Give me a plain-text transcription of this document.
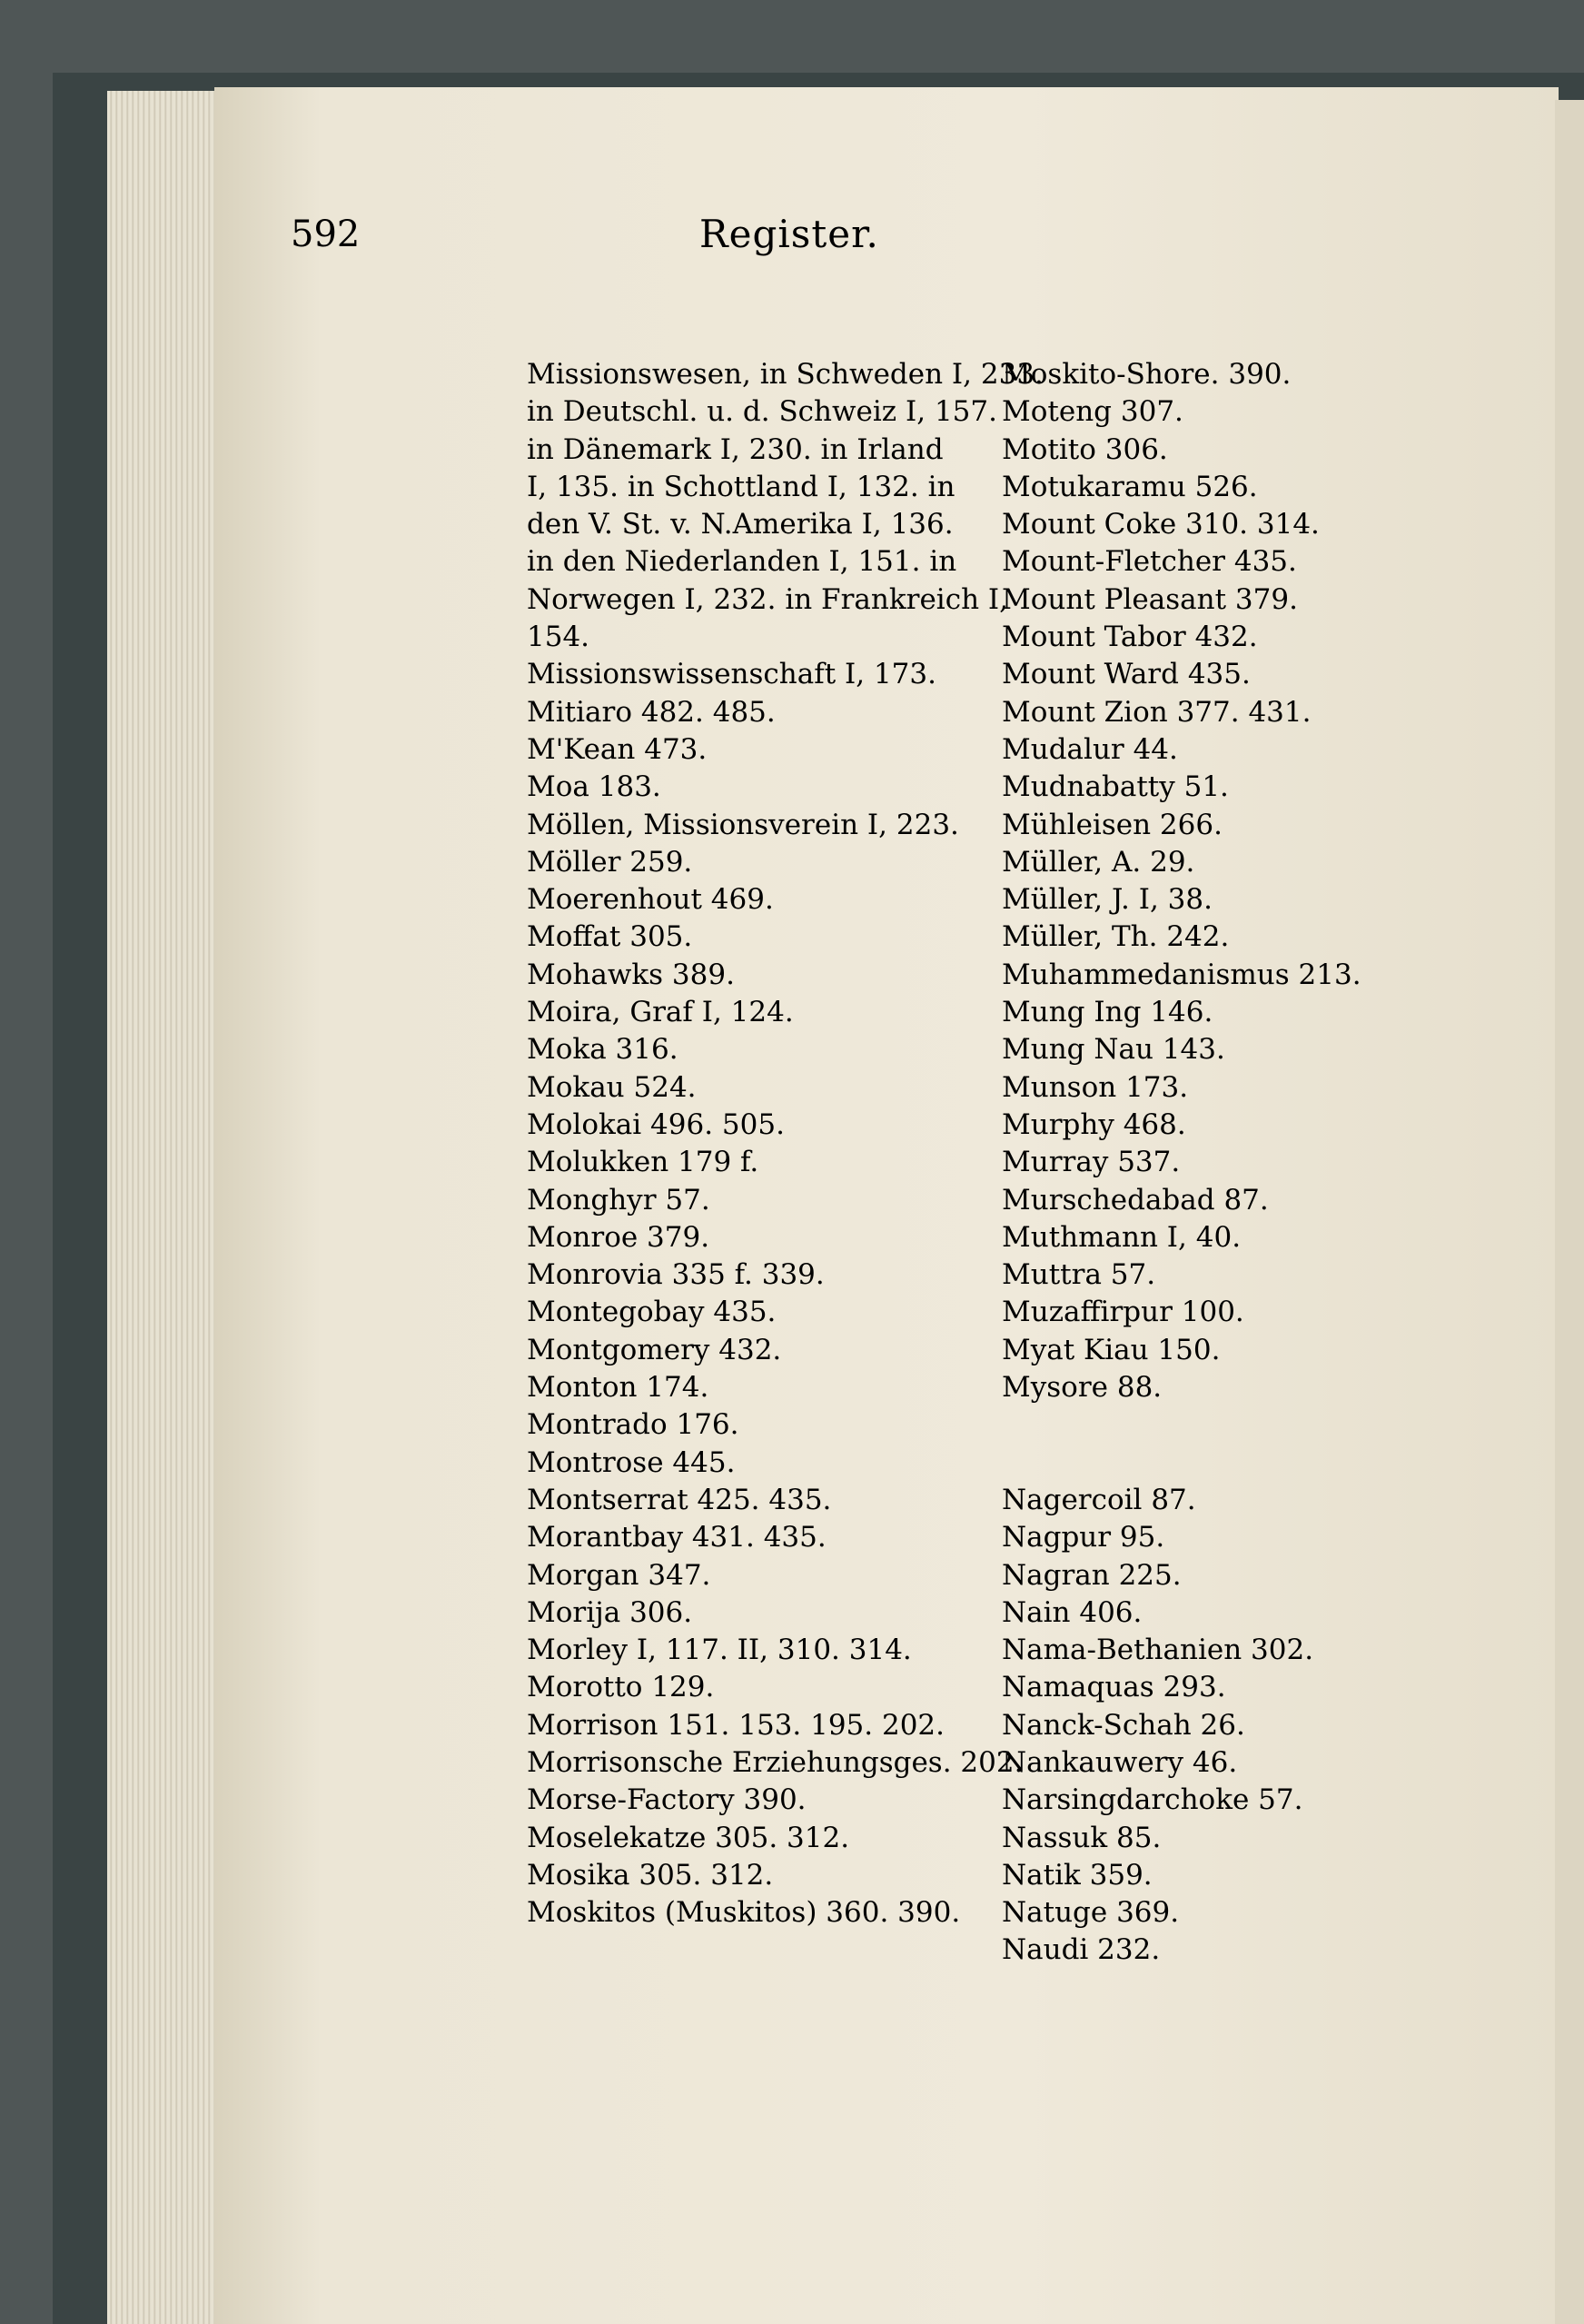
592	Register.
Missionswesen, in Schweden I, 233.
in Deutschl. u. d. Schweiz I, 157.
in Dänemark I, 230. in Irland
I, 135. in Schottland I, 132. in
den V. St. v. N.Amerika I, 136.
in den Niederlanden I, 151. in
Norwegen I, 232. in Frankreich I,
154.
Missionswissenschaft I, 173.
Mitiaro 482. 485.
M'Kean 473.
Moa 183.
Möllen, Missionsverein I, 223.
Möller 259.
Moerenhout 469.
Moffat 305.
Mohawks 389.
Moira, Graf I, 124.
Moka 316.
Mokau 524.
Molokai 496. 505.
Molukken 179 f.
Monghyr 57.
Monroe 379.
Monrovia 335 f. 339.
Montegobay 435.
Montgomery 432.
Monton 174.
Montrado 176.
Montrose 445.
Montserrat 425. 435.
Morantbay 431. 435.
Morgan 347.
Morija 306.
Morley I, 117. II, 310. 314.
Morotto 129.
Morrison 151. 153. 195. 202.
Morrisonsche Erziehungsges. 202.
Morse-Factory 390.
Moselekatze 305. 312.
Mosika 305. 312.
Moskitos (Muskitos) 360. 390.
Moskito-Shore. 390.
Moteng 307.
Motito 306.
Motukaramu 526.
Mount Coke 310. 314.
Mount-Fletcher 435.
Mount Pleasant 379.
Mount Tabor 432.
Mount Ward 435.
Mount Zion 377. 431.
Mudalur 44.
Mudnabatty 51.
Mühleisen 266.
Müller, A. 29.
Müller, J. I, 38.
Müller, Th. 242.
Muhammedanismus 213.
Mung Ing 146.
Mung Nau 143.
Munson 173.
Murphy 468.
Murray 537.
Murschedabad 87.
Muthmann I, 40.
Muttra 57.
Muzaffirpur 100.
Myat Kiau 150.
Mysore 88.
Nagercoil 87.
Nagpur 95.
Nagran 225.
Nain 406.
Nama-Bethanien 302.
Namaquas 293.
Nanck-Schah 26.
Nankauwery 46.
Narsingdarchoke 57.
Nassuk 85.
Natik 359.
Natuge 369.
Naudi 232.
